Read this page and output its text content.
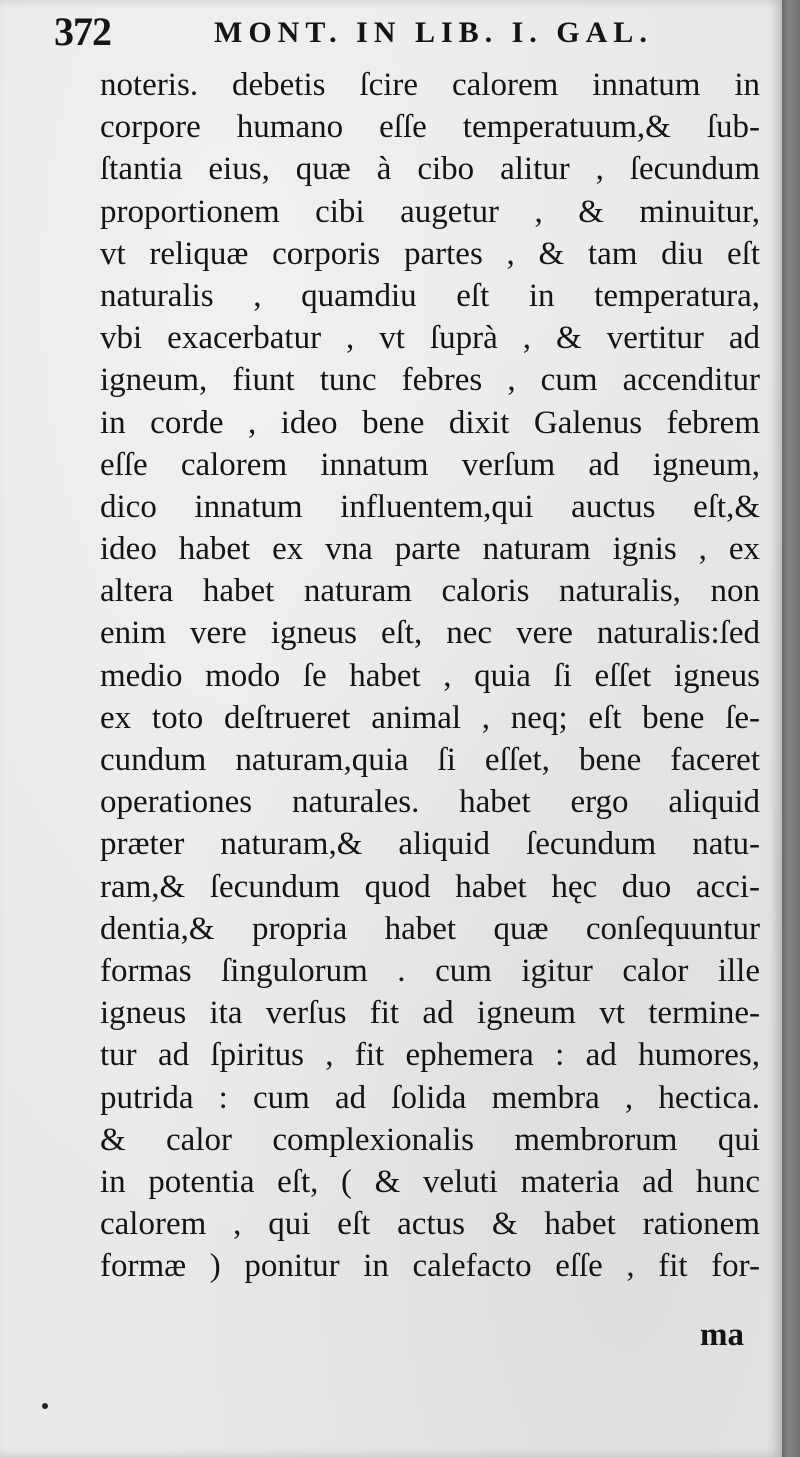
372	MONT. IN LIB. I. GAL.
noteris. debetis ſcire calorem innatum in
corpore humano eſſe temperatuum,& ſub-
ſtantia eius, quæ à cibo alitur , ſecundum
proportionem cibi augetur , & minuitur,
vt reliquæ corporis partes , & tam diu eſt
naturalis , quamdiu eſt in temperatura,
vbi exacerbatur , vt ſuprà , & vertitur ad
igneum, fiunt tunc febres , cum accenditur
in corde , ideo bene dixit Galenus febrem
eſſe calorem innatum verſum ad igneum,
dico innatum influentem,qui auctus eſt,&
ideo habet ex vna parte naturam ignis , ex
altera habet naturam caloris naturalis, non
enim vere igneus eſt, nec vere naturalis:ſed
medio modo ſe habet , quia ſi eſſet igneus
ex toto deſtrueret animal , neq; eſt bene ſe-
cundum naturam,quia ſi eſſet, bene faceret
operationes naturales. habet ergo aliquid
præter naturam,& aliquid ſecundum natu-
ram,& ſecundum quod habet hęc duo acci-
dentia,& propria habet quæ conſequuntur
formas ſingulorum . cum igitur calor ille
igneus ita verſus fit ad igneum vt termine-
tur ad ſpiritus , fit ephemera : ad humores,
putrida : cum ad ſolida membra , hectica.
& calor complexionalis membrorum qui
in potentia eſt, ( & veluti materia ad hunc
calorem , qui eſt actus & habet rationem
formæ ) ponitur in calefacto eſſe , fit for-
ma
